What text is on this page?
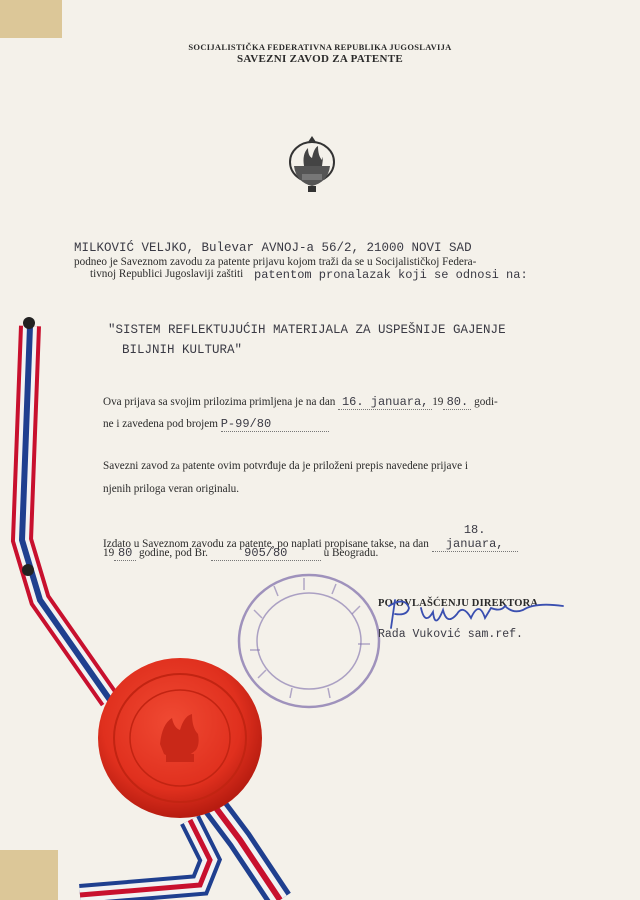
SOCIJALISTIČKA FEDERATIVNA REPUBLIKA JUGOSLAVIJA
SAVEZNI ZAVOD ZA PATENTE
MILKOVIĆ VELJKO, Bulevar AVNOJ-a 56/2, 21000 NOVI SAD
podneo je Saveznom zavodu za patente prijavu kojom traži da se u Socijalističkoj Federa-
tivnoj Republici Jugoslaviji zaštiti patentom pronalazak koji se odnosi na:
"SISTEM REFLEKTUJUĆIH MATERIJALA ZA USPEŠNIJE GAJENJE
BILJNIH KULTURA"
Ova prijava sa svojim prilozima primljena je na dan 16. januara, 19 80. godi-
ne i zavedena pod brojem P-99/80
Savezni zavod za patente ovim potvrđuje da je priloženi prepis navedene prijave i
njenih priloga veran originalu.
Izdato u Saveznom zavodu za patente, po naplati propisane takse, na dan 18. januara,
19 80 godine, pod Br.	905/80	u Beogradu.
PO OVLAŠĆENJU DIREKTORA
Rada Vuković sam.ref.
